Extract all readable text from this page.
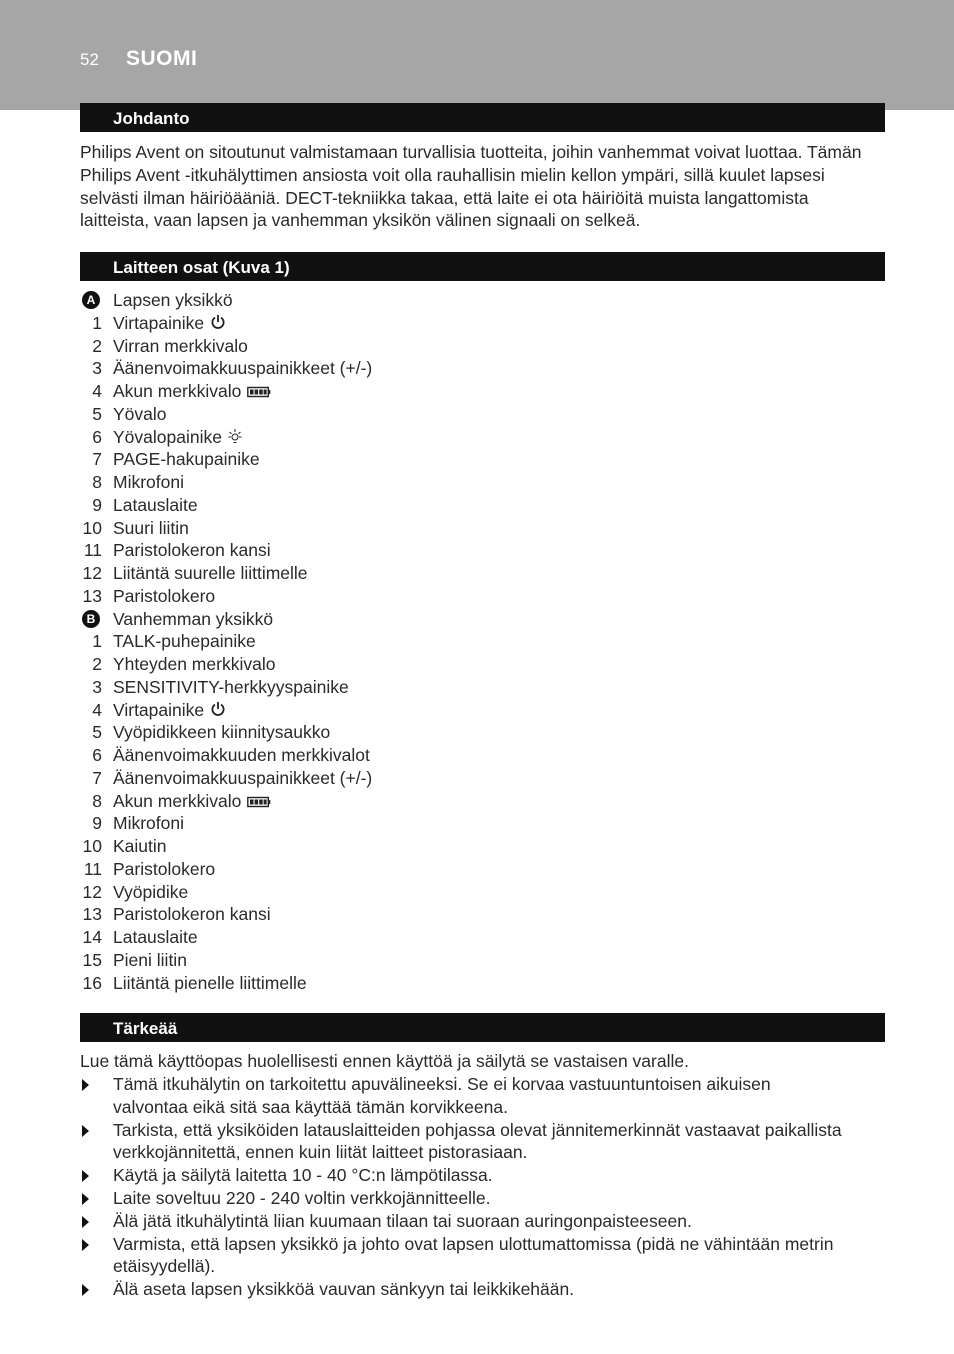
52 SUOMI
Johdanto
Philips Avent on sitoutunut valmistamaan turvallisia tuotteita, joihin vanhemmat voivat luottaa. Tämän
Philips Avent -itkuhälyttimen ansiosta voit olla rauhallisin mielin kellon ympäri, sillä kuulet lapsesi
selvästi ilman häiriöääniä. DECT-tekniikka takaa, että laite ei ota häiriöitä muista langattomista
laitteista, vaan lapsen ja vanhemman yksikön välinen signaali on selkeä.
Laitteen osat (Kuva 1)
A Lapsen yksikkö
1 Virtapainike
2 Virran merkkivalo
3 Äänenvoimakkuuspainikkeet (+/-)
4 Akun merkkivalo
5 Yövalo
6 Yövalopainike
7 PAGE-hakupainike
8 Mikrofoni
9 Latauslaite
10 Suuri liitin
11 Paristolokeron kansi
12 Liitäntä suurelle liittimelle
13 Paristolokero
B Vanhemman yksikkö
1 TALK-puhepainike
2 Yhteyden merkkivalo
3 SENSITIVITY-herkkyyspainike
4 Virtapainike
5 Vyöpidikkeen kiinnitysaukko
6 Äänenvoimakkuuden merkkivalot
7 Äänenvoimakkuuspainikkeet (+/-)
8 Akun merkkivalo
9 Mikrofoni
10 Kaiutin
11 Paristolokero
12 Vyöpidike
13 Paristolokeron kansi
14 Latauslaite
15 Pieni liitin
16 Liitäntä pienelle liittimelle
Tärkeää
Lue tämä käyttöopas huolellisesti ennen käyttöä ja säilytä se vastaisen varalle.
Tämä itkuhälytin on tarkoitettu apuvälineeksi. Se ei korvaa vastuuntuntoisen aikuisen
valvontaa eikä sitä saa käyttää tämän korvikkeena.
Tarkista, että yksiköiden latauslaitteiden pohjassa olevat jännitemerkinnät vastaavat paikallista
verkkojännitettä, ennen kuin liität laitteet pistorasiaan.
Käytä ja säilytä laitetta 10 - 40 °C:n lämpötilassa.
Laite soveltuu 220 - 240 voltin verkkojännitteelle.
Älä jätä itkuhälytintä liian kuumaan tilaan tai suoraan auringonpaisteeseen.
Varmista, että lapsen yksikkö ja johto ovat lapsen ulottumattomissa (pidä ne vähintään metrin
etäisyydellä).
Älä aseta lapsen yksikköä vauvan sänkyyn tai leikkikehään.
